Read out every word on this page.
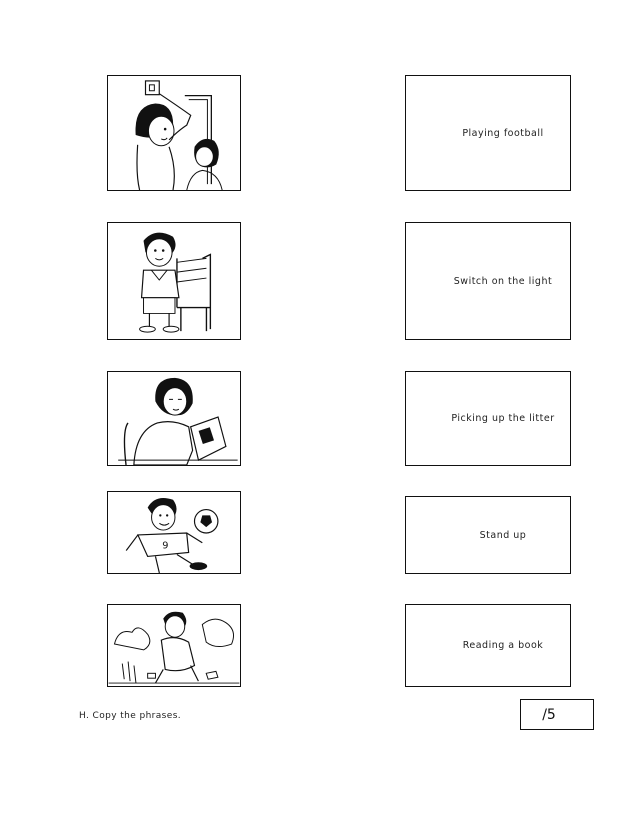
9
Playing football
Switch on the light
Picking up the litter
Stand up
Reading a book
H. Copy the phrases.	/5
